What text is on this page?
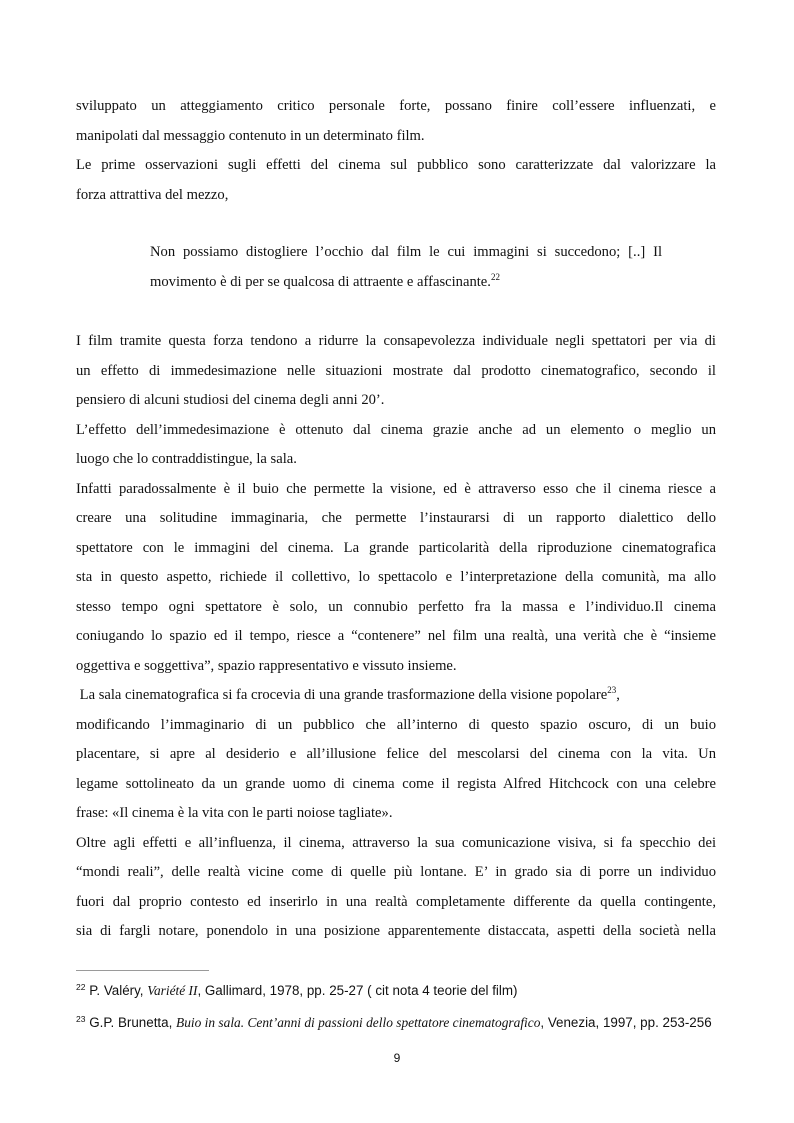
sviluppato un atteggiamento critico personale forte, possano finire coll’essere influenzati, e
manipolati dal messaggio contenuto in un determinato film.
Le prime osservazioni sugli effetti del cinema sul pubblico sono caratterizzate dal valorizzare la
forza attrattiva del mezzo,
Non possiamo distogliere l’occhio dal film le cui immagini si succedono; [..] Il
movimento è di per se qualcosa di attraente e affascinante.$^{22}$
I film tramite questa forza tendono a ridurre la consapevolezza individuale negli spettatori per via di
un effetto di immedesimazione nelle situazioni mostrate dal prodotto cinematografico, secondo il
pensiero di alcuni studiosi del cinema degli anni 20’.
L’effetto dell’immedesimazione è ottenuto dal cinema grazie anche ad un elemento o meglio un
luogo che lo contraddistingue, la sala.
Infatti paradossalmente è il buio che permette la visione, ed è attraverso esso che il cinema riesce a
creare una solitudine immaginaria, che permette l’instaurarsi di un rapporto dialettico dello
spettatore con le immagini del cinema. La grande particolarità della riproduzione cinematografica
sta in questo aspetto, richiede il collettivo, lo spettacolo e l’interpretazione della comunità, ma allo
stesso tempo ogni spettatore è solo, un connubio perfetto fra la massa e l’individuo.Il cinema
coniugando lo spazio ed il tempo, riesce a “contenere” nel film una realtà, una verità che è “insieme
oggettiva e soggettiva”, spazio rappresentativo e vissuto insieme.
La sala cinematografica si fa crocevia di una grande trasformazione della visione popolare$^{23}$,
modificando l’immaginario di un pubblico che all’interno di questo spazio oscuro, di un buio
placentare, si apre al desiderio e all’illusione felice del mescolarsi del cinema con la vita. Un
legame sottolineato da un grande uomo di cinema come il regista Alfred Hitchcock con una celebre
frase: «Il cinema è la vita con le parti noiose tagliate».
Oltre agli effetti e all’influenza, il cinema, attraverso la sua comunicazione visiva, si fa specchio dei
“mondi reali”, delle realtà vicine come di quelle più lontane. E’ in grado sia di porre un individuo
fuori dal proprio contesto ed inserirlo in una realtà completamente differente da quella contingente,
sia di fargli notare, ponendolo in una posizione apparentemente distaccata, aspetti della società nella
$^{22}$ P. Valéry, Variété II, Gallimard, 1978, pp. 25-27 ( cit nota 4 teorie del film)
$^{23}$ G.P. Brunetta, Buio in sala. Cent’anni di passioni dello spettatore cinematografico, Venezia, 1997, pp. 253-256
9
